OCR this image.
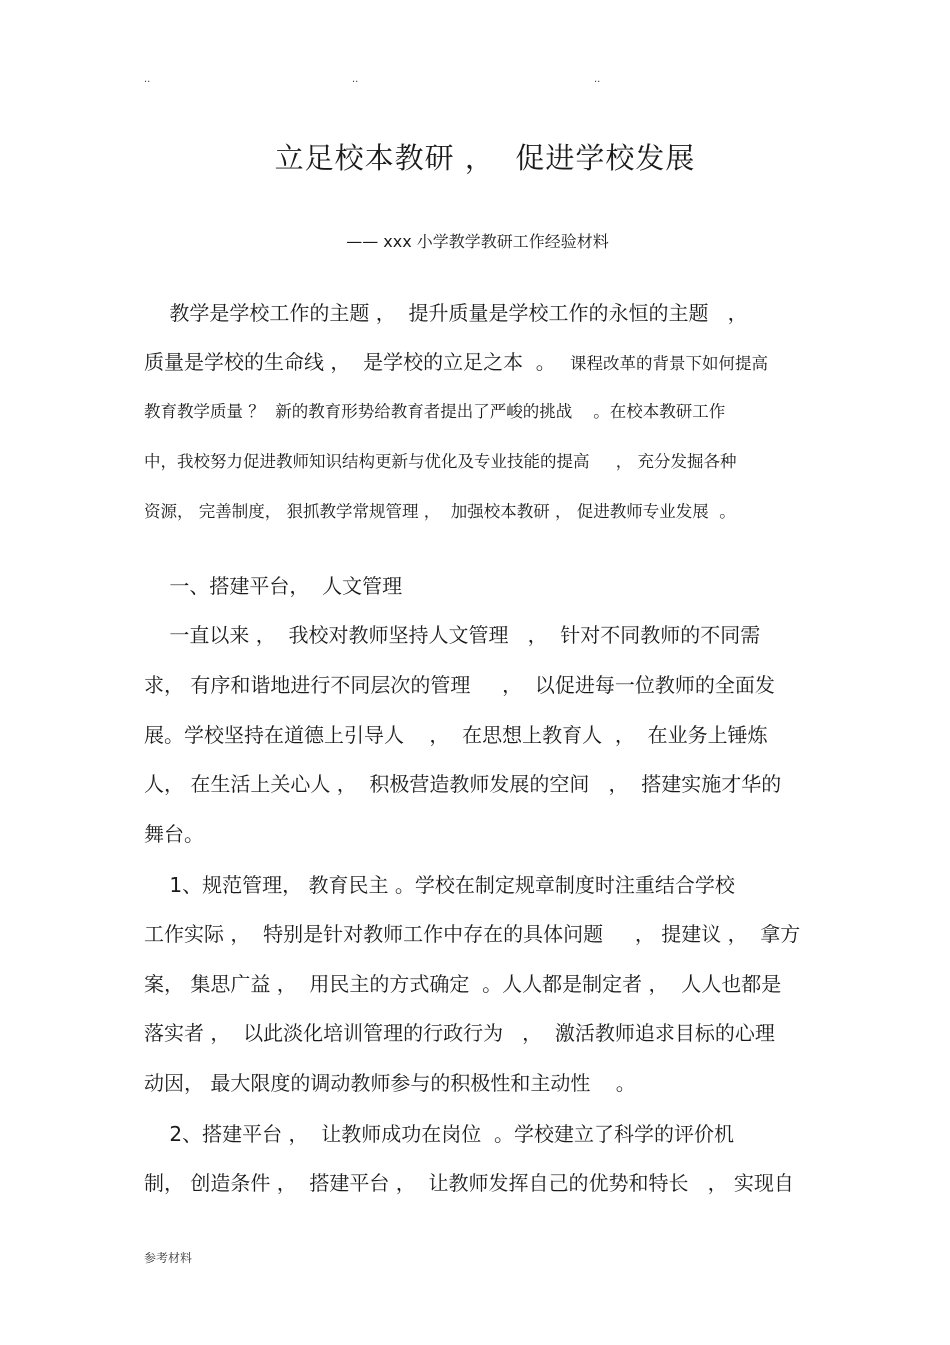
..	..	..
立足校本教研 ，  促进学校发展
—— xxx 小学教学教研工作经验材料
教学是学校工作的主题 ，  提升质量是学校工作的永恒的主题   ，
质量是学校的生命线 ，  是学校的立足之本  。 课程改革的背景下如何提高
教育教学质量 ？  新的教育形势给教育者提出了严峻的挑战    。在校本教研工作
中，我校努力促进教师知识结构更新与优化及专业技能的提高     ， 充分发掘各种
资源， 完善制度， 狠抓教学常规管理 ，  加强校本教研 ， 促进教师专业发展  。
一、搭建平台，  人文管理
一直以来 ，  我校对教师坚持人文管理   ，  针对不同教师的不同需
求， 有序和谐地进行不同层次的管理     ，  以促进每一位教师的全面发
展。学校坚持在道德上引导人    ，  在思想上教育人  ，  在业务上锤炼
人， 在生活上关心人 ，  积极营造教师发展的空间   ，  搭建实施才华的
舞台。
1、规范管理， 教育民主 。学校在制定规章制度时注重结合学校
工作实际 ，  特别是针对教师工作中存在的具体问题     ， 提建议 ，  拿方
案， 集思广益 ，  用民主的方式确定  。人人都是制定者 ，  人人也都是
落实者 ，  以此淡化培训管理的行政行为   ，  激活教师追求目标的心理
动因， 最大限度的调动教师参与的积极性和主动性    。
2、搭建平台 ，  让教师成功在岗位  。学校建立了科学的评价机
制， 创造条件 ，  搭建平台 ，  让教师发挥自己的优势和特长   ， 实现自
参考材料
